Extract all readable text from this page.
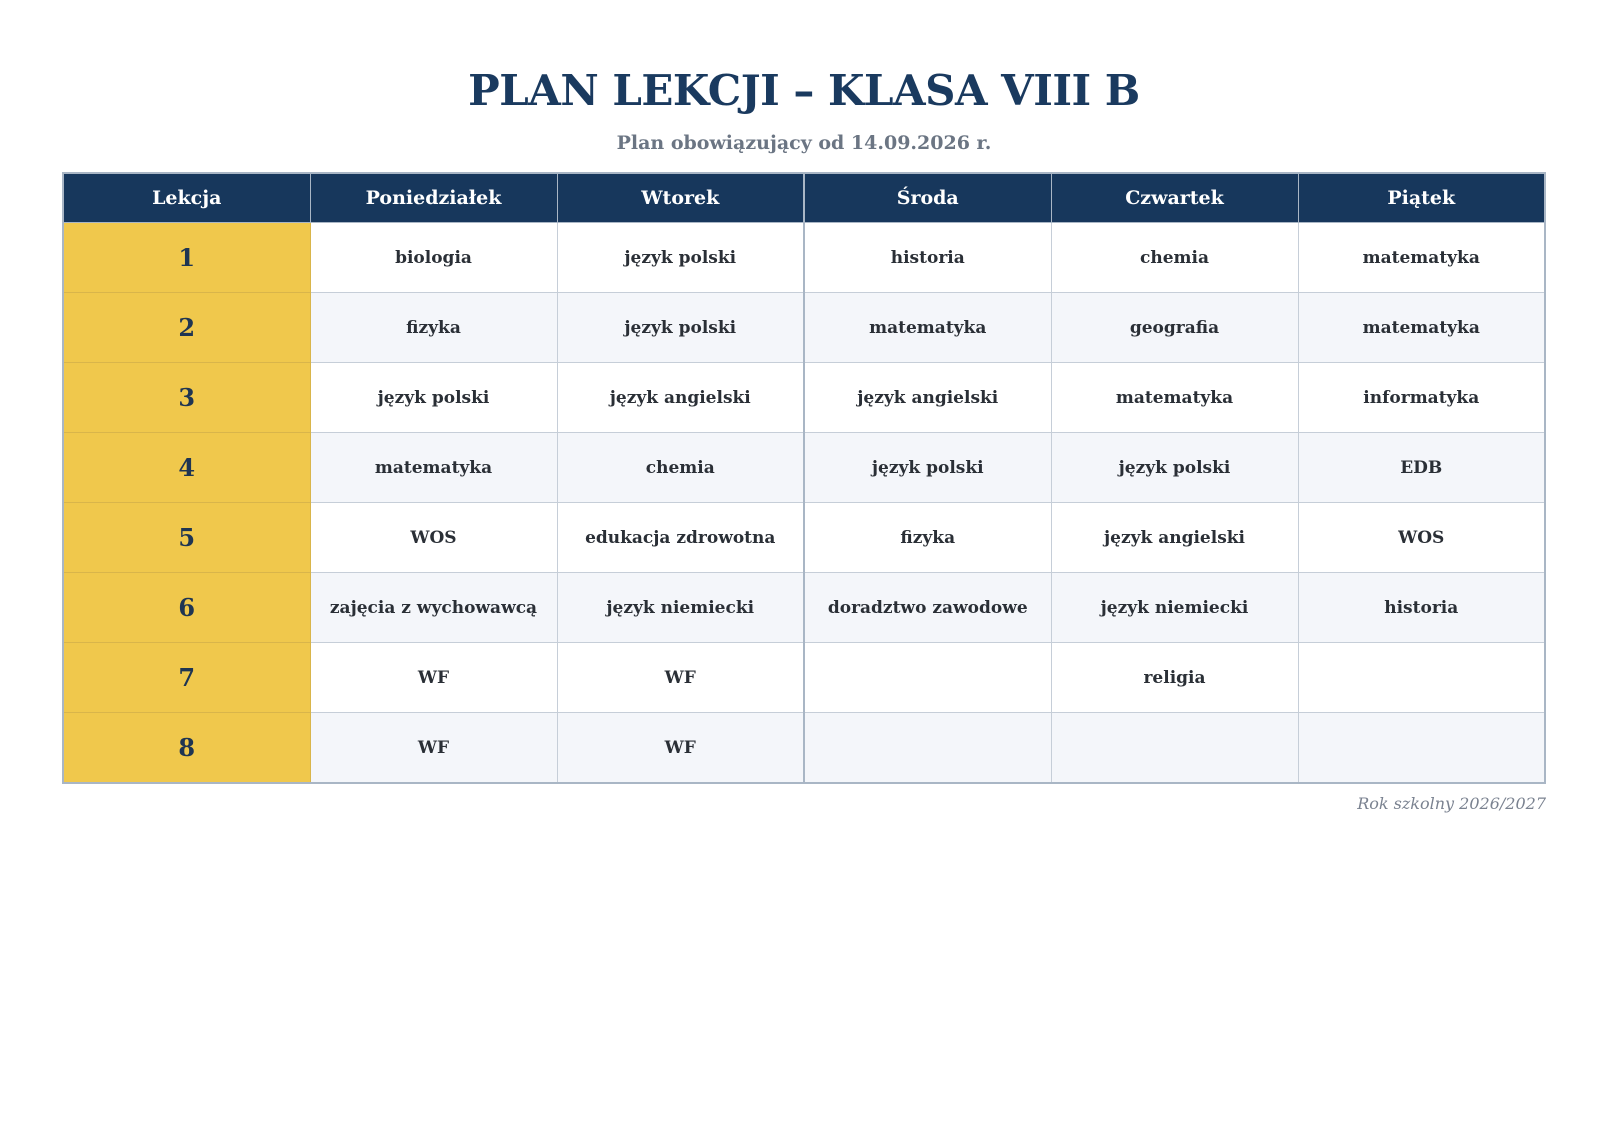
PLAN LEKCJI – KLASA VIII B

Plan obowiązujący od 14.09.2026 r.

Lekcja	Poniedziałek	Wtorek	Środa	Czwartek	Piątek
1	biologia	język polski	historia	chemia	matematyka
2	fizyka	język polski	matematyka	geografia	matematyka
3	język polski	język angielski	język angielski	matematyka	informatyka
4	matematyka	chemia	język polski	język polski	EDB
5	WOS	edukacja zdrowotna	fizyka	język angielski	WOS
6	zajęcia z wychowawcą	język niemiecki	doradztwo zawodowe	język niemiecki	historia
7	WF	WF		religia	
8	WF	WF			
Rok szkolny 2026/2027
